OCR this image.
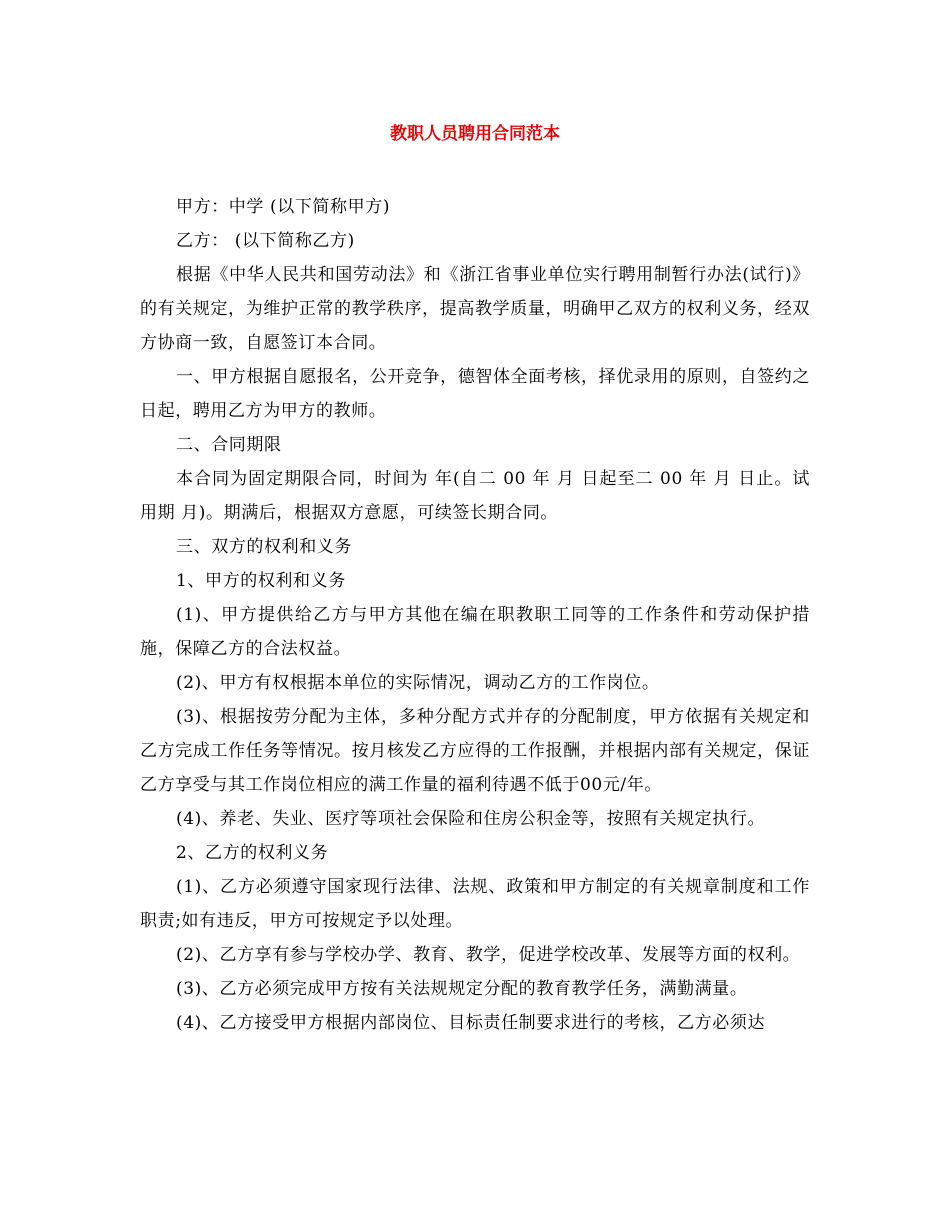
教职人员聘用合同范本

甲方：中学 (以下简称甲方)

乙方： (以下简称乙方)

根据《中华人民共和国劳动法》和《浙江省事业单位实行聘用制暂行办法(试行)》的有关规定，为维护正常的教学秩序，提高教学质量，明确甲乙双方的权利义务，经双方协商一致，自愿签订本合同。

一、甲方根据自愿报名，公开竞争，德智体全面考核，择优录用的原则，自签约之日起，聘用乙方为甲方的教师。

二、合同期限

本合同为固定期限合同，时间为 年(自二 00 年 月 日起至二 00 年 月 日止。试用期 月)。期满后，根据双方意愿，可续签长期合同。

三、双方的权利和义务

1、甲方的权利和义务

(1)、甲方提供给乙方与甲方其他在编在职教职工同等的工作条件和劳动保护措施，保障乙方的合法权益。

(2)、甲方有权根据本单位的实际情况，调动乙方的工作岗位。

(3)、根据按劳分配为主体，多种分配方式并存的分配制度，甲方依据有关规定和乙方完成工作任务等情况。按月核发乙方应得的工作报酬，并根据内部有关规定，保证乙方享受与其工作岗位相应的满工作量的福利待遇不低于00元/年。

(4)、养老、失业、医疗等项社会保险和住房公积金等，按照有关规定执行。

2、乙方的权利义务

(1)、乙方必须遵守国家现行法律、法规、政策和甲方制定的有关规章制度和工作职责;如有违反，甲方可按规定予以处理。

(2)、乙方享有参与学校办学、教育、教学，促进学校改革、发展等方面的权利。

(3)、乙方必须完成甲方按有关法规规定分配的教育教学任务，满勤满量。

(4)、乙方接受甲方根据内部岗位、目标责任制要求进行的考核，乙方必须达
